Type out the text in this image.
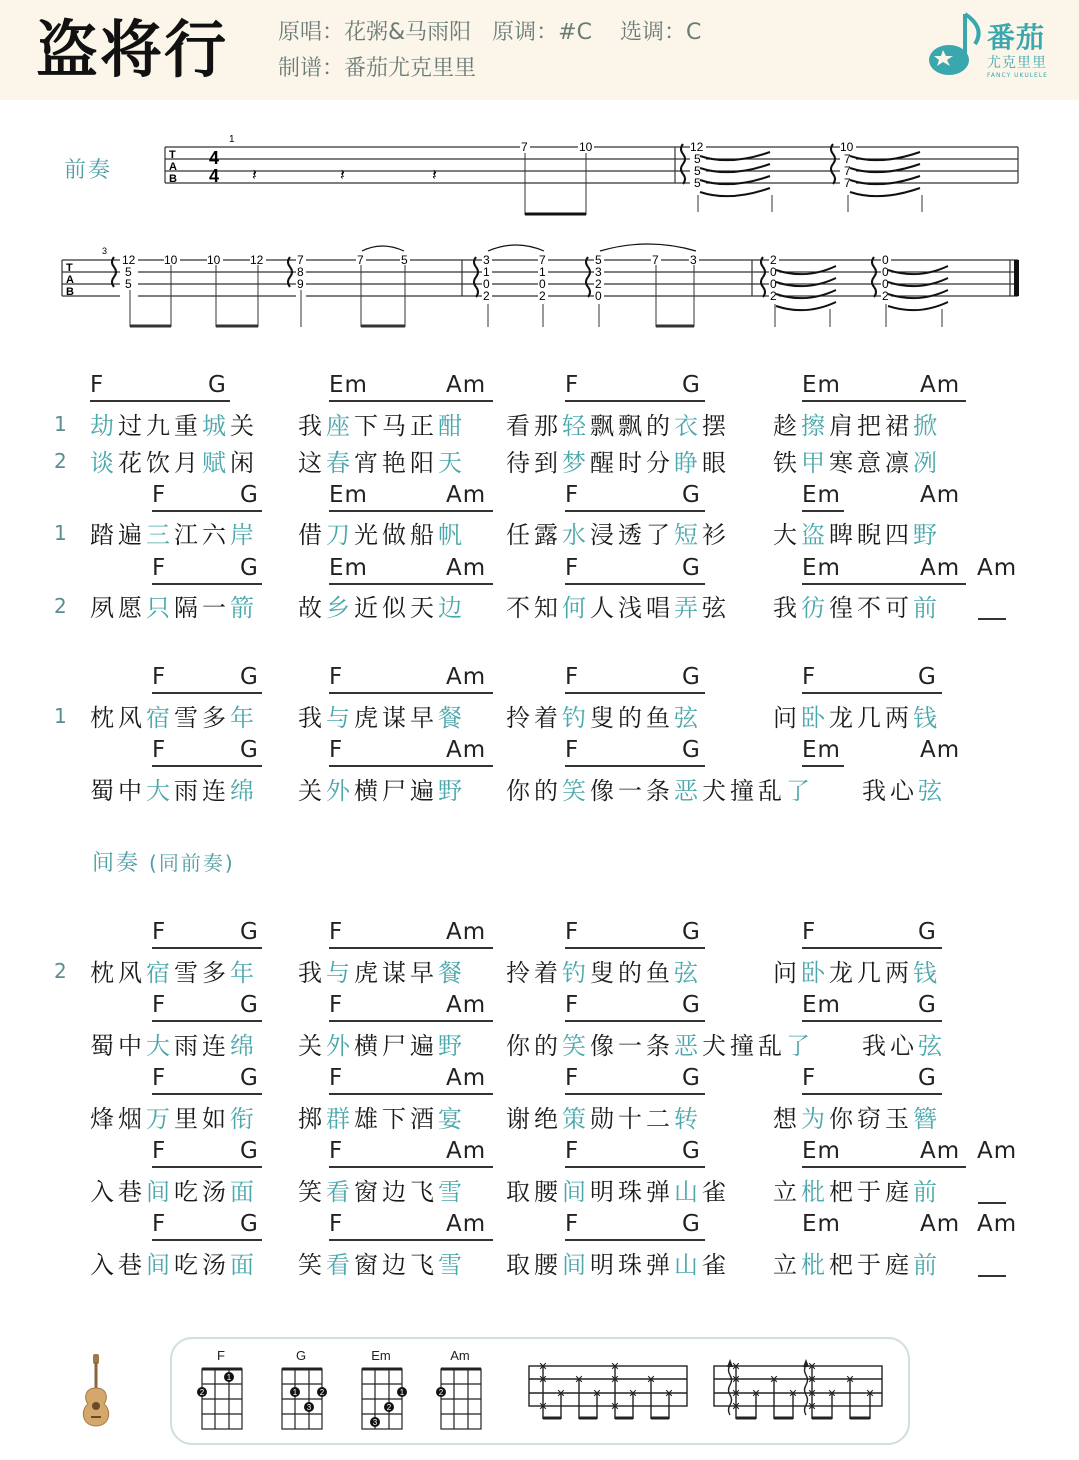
盗将行 原唱：花粥&马雨阳 原调：#C 选调：C
制谱：番茄尤克里里
番茄
尤克里里
FANCY UKULELE
前奏
T
A
B
1
4
4 𝄽	𝄽	𝄽
7	10	12
5
5
5
10
7
7
7
T
A
B
3
12
5
5
10 10 12	7
8
9
7	5	3
1
0
2
7
1
0
2
5
3
2
0
7	3	2
0
0
2
0
0
0
2
F	G	Em	Am	F	G	Em	Am
1 劫过九重城关 我座下马正酣 看那轻飘飘的衣摆 趁擦肩把裙掀
2 谈花饮月赋闲 这春宵艳阳天 待到梦醒时分睁眼 铁甲寒意凛冽
F	G	Em	Am	F	G	Em	Am
1 踏遍三江六岸 借刀光做船帆 任露水浸透了短衫 大盗睥睨四野
F	G	Em	Am	F	G	Em	Am Am
2 夙愿只隔一箭 故乡近似天边 不知何人浅唱弄弦 我彷徨不可前
F	G	F	Am	F	G	F	G
1 枕风宿雪多年 我与虎谋早餐 拎着钓叟的鱼弦	问卧龙几两钱
F	G	F	Am	F	G	Em	Am
蜀中大雨连绵 关外横尸遍野 你的笑像一条恶犬撞乱了 我心弦
间奏 (同前奏)
F	G	F	Am	F	G	F	G
2 枕风宿雪多年 我与虎谋早餐 拎着钓叟的鱼弦	问卧龙几两钱
F	G	F	Am	F	G	Em	G
蜀中大雨连绵 关外横尸遍野 你的笑像一条恶犬撞乱了 我心弦
F	G	F	Am	F	G	F	G
烽烟万里如衔 掷群雄下酒宴 谢绝策勋十二转	想为你窃玉簪
F	G	F	Am	F	G	Em	Am Am
入巷间吃汤面 笑看窗边飞雪 取腰间明珠弹山雀 立枇杷于庭前
F	G	F	Am	F	G	Em	Am Am
入巷间吃汤面 笑看窗边飞雪 取腰间明珠弹山雀 立枇杷于庭前
F	G	Em	Am
1
2	1	2
3
1
2
3
2
✕
✕
✕
✕
✕
✕
✕
✕
✕
✕
✕
✕
✕
✕
✕
✕
✕
✕
✕
✕
✕
✕
✕
✕
✕
✕
